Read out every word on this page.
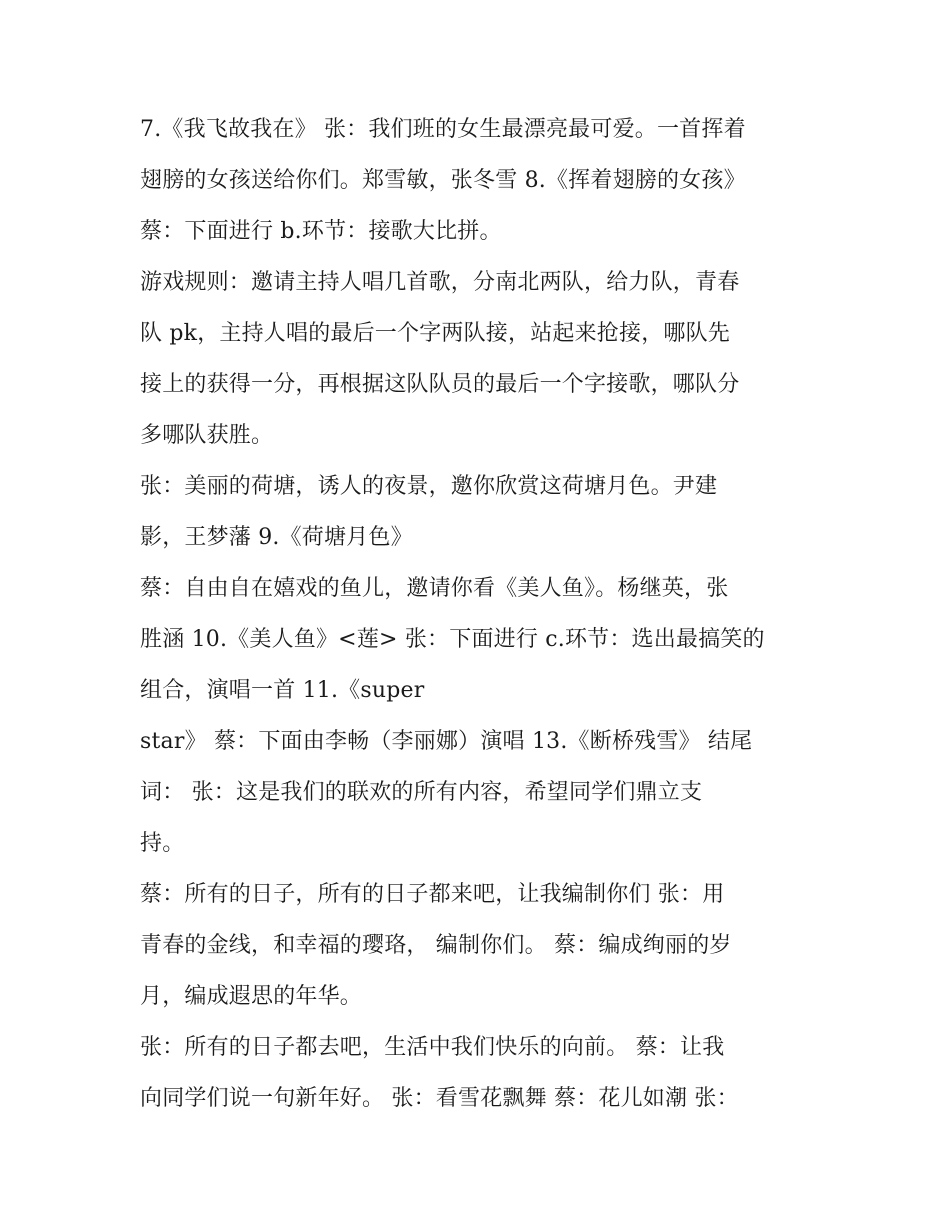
7.《我飞故我在》 张：我们班的女生最漂亮最可爱。一首挥着
翅膀的女孩送给你们。郑雪敏，张冬雪 8.《挥着翅膀的女孩》
蔡：下面进行 b.环节：接歌大比拼。
游戏规则：邀请主持人唱几首歌，分南北两队，给力队，青春
队 pk，主持人唱的最后一个字两队接，站起来抢接，哪队先
接上的获得一分，再根据这队队员的最后一个字接歌，哪队分
多哪队获胜。
张：美丽的荷塘，诱人的夜景，邀你欣赏这荷塘月色。尹建
影，王梦藩 9.《荷塘月色》
蔡：自由自在嬉戏的鱼儿，邀请你看《美人鱼》。杨继英，张
胜涵 10.《美人鱼》<莲> 张：下面进行 c.环节：选出最搞笑的
组合，演唱一首 11.《super
star》 蔡：下面由李畅（李丽娜）演唱 13.《断桥残雪》 结尾
词： 张：这是我们的联欢的所有内容，希望同学们鼎立支
持。
蔡：所有的日子，所有的日子都来吧，让我编制你们 张：用
青春的金线，和幸福的璎珞， 编制你们。 蔡：编成绚丽的岁
月，编成遐思的年华。
张：所有的日子都去吧，生活中我们快乐的向前。 蔡：让我
向同学们说一句新年好。 张：看雪花飘舞 蔡：花儿如潮 张：
